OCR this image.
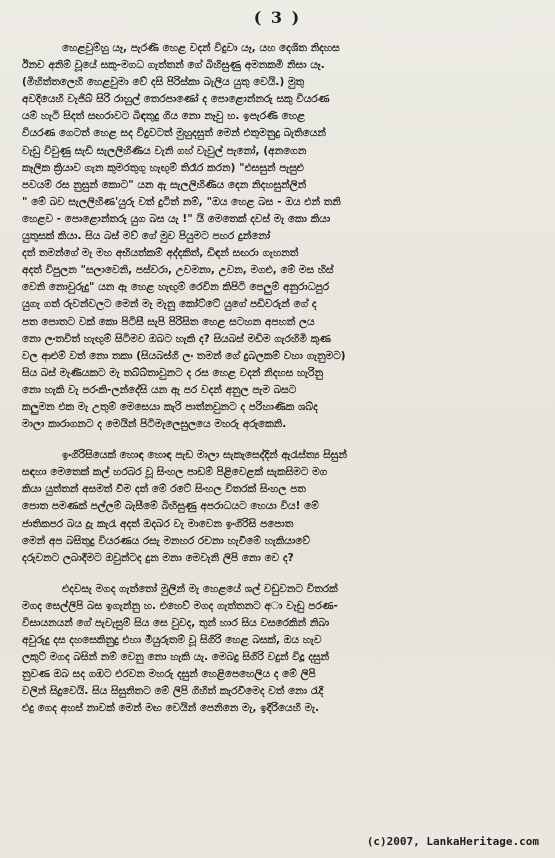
( 3 )
හෙළවුම්හු යෑ, පැරණි හෙළ වදන් විදුවා යෑ, යහ දෙශිත නිදහස
ඊනව අනිම් වූයේ සකු-මගධ ගැත්තන් ගේ බිහිසුණු අමනකමි නිසා යෑ.
(මිහිත්තලෙහි හෙළවුමා වේ දසි පිරිස්කා බැලිය යුතු වෙයි.) මුතු
අවදියෙහි වැජිබ් සිරි රාහුල් තෙරපාණෝ ද පොළොන්නරු සකු වියරණ
යම් හැටි සිදත් සඟරාවට බිඳතුදු ගිය නො නෑවු හ. ඉපැරණි හෙළ
වියරණ ගෙටත් හෙළ සද විදුවටත් මුහුදසුත් මෙන් එතුමනුදු බැතියෙන්
වැඩු විවුණු සැඩි සැලලිහිණිය වැනි ගහ් වැවුල් පැනෝ, (අනගෙන
කෑලික ක්‍රියාව ගැන කුමරතුගු හැඟුම් තිරෑර කරන) "එසසුන් පැසුළු
පවයම් රස නුසුන් කොට" යන ඇ සැලලිහිණිය දෙන නිදහසුන්ලින්
" මේ බව සැලලිහිණ'යුරු වත් දුටිත් නම්, "ඔය හෙළ බස - ඔය එන් තනි
හෙළව - පොළොන්තරු යුග බස යැ !" යි මෙතෙක් දවස් මැ කො කියා
යුතුසක් කියා. සිය බස් මව් ගේ මුව පියුමට පහර දුන්නෝ
දත් තමන්ගේ මැ මහ අභියත්කම් අද්දකිත්, ඩිඳන් සඟරා ගැහනත්
අදත් විපුලන "සලාවෙනි, පස්වරා, උවමනා, උවන, මගළු, මේ මස හිස්
වෙනි නොවුරුදු" යන ඇ හෙළ හැඟුම් රෙවින කිපිටි පෙලුම් අනුරාධපුර
යුගැ ගත් රුවන්වලට මෙන් මැ මැනු කෝට්ටේ යුගේ පඩිවරුන් ගේ ද
පත පොතට වක් කො පිටිසී සැපි පිරිසිත හෙළ සටහන අපහත් ලය
නො ලංතවිත් හැඟුම් සිටිමව ඔබට හැකි ද? සියබස් මඩිම ගැරහිමි කුණ
වල ආළුම් වත් නො තකා (සියබස්ගි ලං තමන් ගේ දුබලකම් වහා ගැනුමට)
සිය බස් මැණියකට මැ තබ්බ්තාවුනට ද රස හෙළ වදන් නිදහස හැරිනු
නො හැකි වැ පරංකි-ලන්දේසි යන ඇ පර වදන් අනුල පැම බසට
කලුමන එක මැ උතුම් මෙසෙයා කැරි පාත්නවුනට ද පරිහාණික ශබ්ද
මාලා කාරාගනට ද මෙයින් පිටිමැලෙසුලයෙ මහරු අරුකෙනි.
ඉංගිරිසියෙක් හොඳ හොඳ පැඩ මාලා සැකැසෙද්දින් ඇරැස්ත්‍ය සිසුන්
සඳහා මෙතෙක් කල් හරබර වූ සිංහල පාඩම් පිළිවෙළක් සැකසිමට මග
කියා යුත්තන් අසමත් වීම දත් මේ රටේ සිංහල විතරක් සිංහල පත
පොත පමණක් පල්ලම් බැසීමේ බිහිසුණු අපරාධයට හෙයා විය! මේ
ජාතිකපර බය ද්‍රැ කැරැ අදත් ඔදබර වැ මාවෙන ඉංගිරිසි පපොත
මෙන් අප බසිතුදු වියරණය රසැ මනහර රචනා හැවීමේ හැකියාවේ
දරුවනට ලබාදීමට ඔවුන්ටද දුන මනා මෙවැනි ලිපි නො වෙ ද?
එදවසැ මගද ගැත්තෝ මුලින් මැ හෙළයේ ශල් වඩුවනට විතරක්
මගද සෙල්ලිපි බස ඉගැන්නු හ. එහෙව් මගද ගැත්තනට අා වැඩු පරණ-
විසායනයන් ගේ පැවැසුම් සිය සෙ වුවද, තුන් හාර සිය වසරෙකින් නිබා
අවුරුදු දස දහසෙකිනුදු එහා මීයුරුතම් වූ සිගිරි හෙළ බසක්, ඔය හැව
ලකුට් මගද බසින් නම් වෙනු නො හැකි යැ. මෙබදු සිගිරි වදුන් විදූ දසුන්
නුවණ ඔබ සද ගඹට එරවන මහරු දසුන් හෙළිපෙහෙලිය ද මේ ලිපි
වලින් සිදුවෙයි. සිය සිසුනිතට මේ ලිපි ගිහිත් කැරවීමෙද වත් නො රැදි
එදු ගෙද අහස් නාවක් මෙන් මඟ වෙයින් පෙනිනෙ මැ, ඉදිරියෙහි මැ.
(c)2007, LankaHeritage.com
